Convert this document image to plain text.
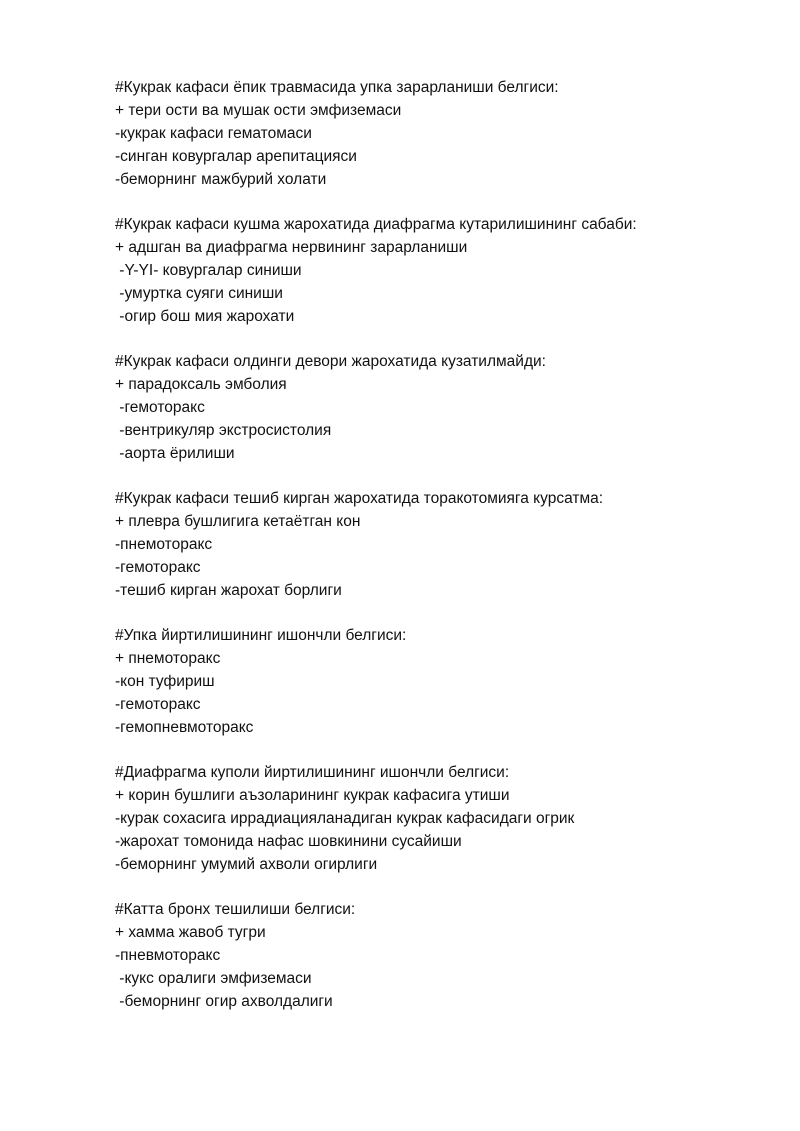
#Кукрак кафаси ёпик травмасида упка зарарланиши белгиси:

+ тери ости ва мушак ости эмфиземаси

-кукрак кафаси гематомаси

-синган ковургалар арепитацияси

-беморнинг мажбурий холати

#Кукрак кафаси кушма жарохатида диафрагма кутарилишининг сабаби:

+ адшган ва диафрагма нервининг зарарланиши

-Y-YI- ковургалар синиши

-умуртка суяги синиши

-огир бош мия жарохати

#Кукрак кафаси олдинги девори жарохатида кузатилмайди:

+ парадоксаль эмболия

-гемоторакс

-вентрикуляр экстросистолия

-аорта ёрилиши

#Кукрак кафаси тешиб кирган жарохатида торакотомияга курсатма:

+ плевра бушлигига кетаётган кон

-пнемоторакс

-гемоторакс

-тешиб кирган жарохат борлиги

#Упка йиртилишининг ишончли белгиси:

+ пнемоторакс

-кон туфириш

-гемоторакс

-гемопневмоторакс

#Диафрагма куполи йиртилишининг ишончли белгиси:

+ корин бушлиги аъзоларининг кукрак кафасига утиши

-курак сохасига иррадиацияланадиган кукрак кафасидаги огрик

-жарохат томонида нафас шовкинини сусайиши

-беморнинг умумий ахволи огирлиги

#Катта бронх тешилиши белгиси:

+ хамма жавоб тугри

-пневмоторакс

-кукс оралиги эмфиземаси

-беморнинг огир ахволдалиги
